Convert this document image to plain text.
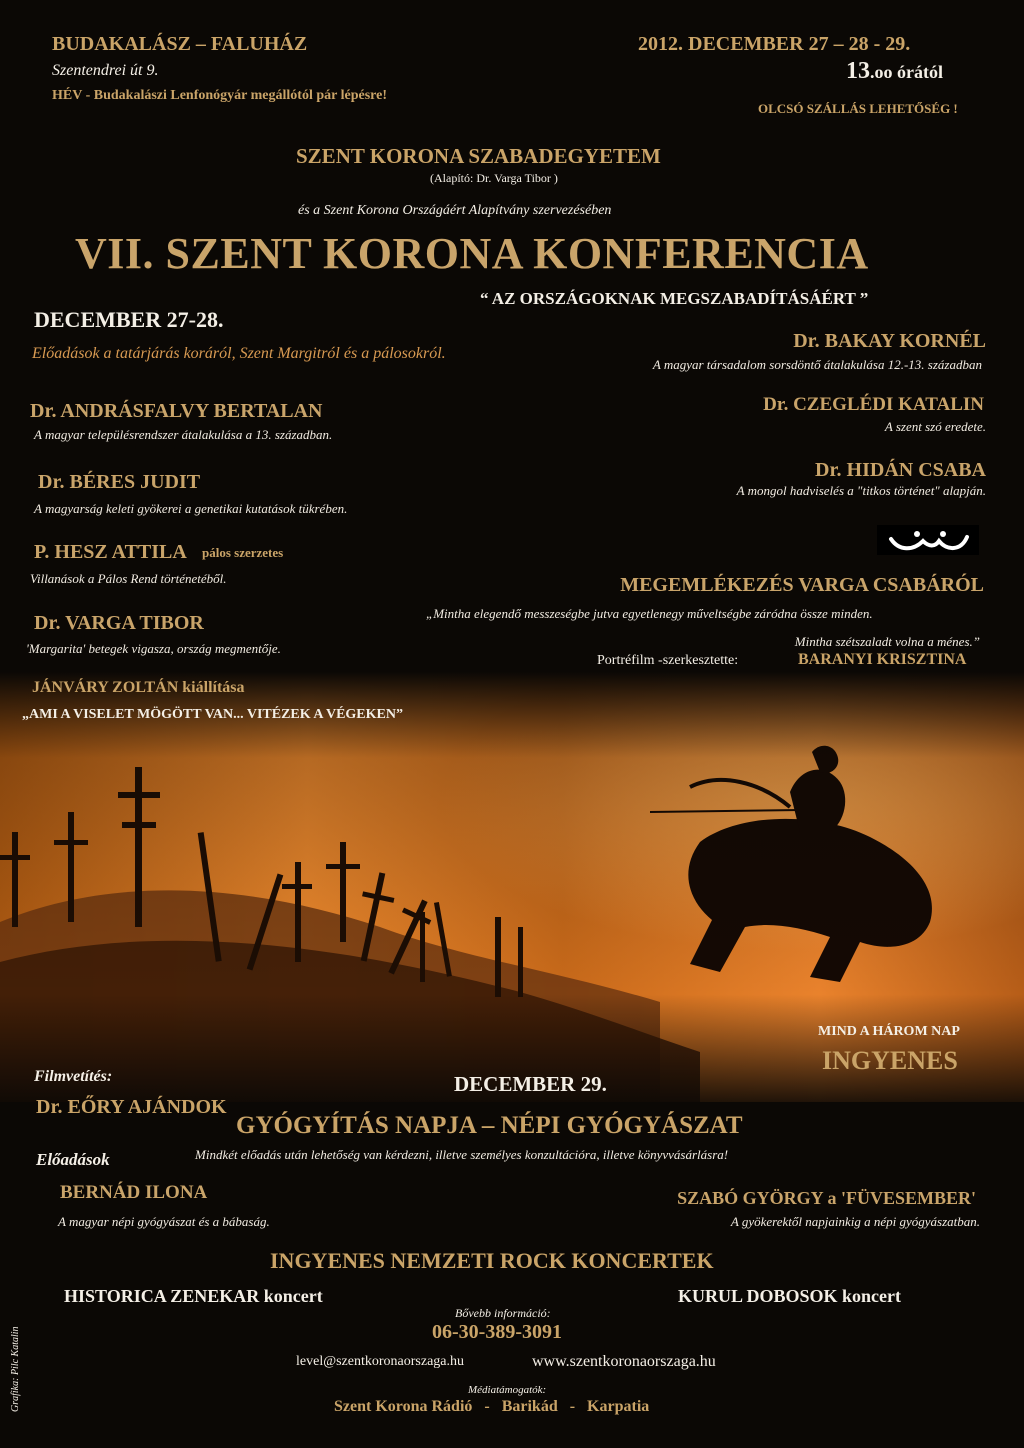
BUDAKALÁSZ – FALUHÁZ
Szentendrei út 9.
HÉV - Budakalászi Lenfonógyár megállótól pár lépésre!
2012. DECEMBER 27 – 28 - 29.
13.oo órától
OLCSÓ SZÁLLÁS LEHETŐSÉG !
SZENT KORONA SZABADEGYETEM
(Alapító: Dr. Varga Tibor )
és a Szent Korona Országáért Alapítvány szervezésében
VII. SZENT KORONA KONFERENCIA
“ AZ ORSZÁGOKNAK MEGSZABADÍTÁSÁÉRT ”
DECEMBER 27-28.
Előadások a tatárjárás koráról, Szent Margitról és a pálosokról.
Dr. ANDRÁSFALVY BERTALAN
A magyar településrendszer átalakulása a 13. században.
Dr. BÉRES JUDIT
A magyarság keleti gyökerei a genetikai kutatások tükrében.
P. HESZ ATTILA pálos szerzetes
Villanások a Pálos Rend történetéből.
Dr. VARGA TIBOR
'Margarita' betegek vigasza, ország megmentője.
Dr. BAKAY KORNÉL
A magyar társadalom sorsdöntő átalakulása 12.-13. században
Dr. CZEGLÉDI KATALIN
A szent szó eredete.
Dr. HIDÁN CSABA
A mongol hadviselés a "titkos történet" alapján.
MEGEMLÉKEZÉS VARGA CSABÁRÓL
„Mintha elegendő messzeségbe jutva egyetlenegy műveltségbe záródna össze minden.
Mintha szétszaladt volna a ménes.”
Portréfilm -szerkesztette:	BARANYI KRISZTINA
JÁNVÁRY ZOLTÁN kiállítása
„AMI A VISELET MÖGÖTT VAN... VITÉZEK A VÉGEKEN”
MIND A HÁROM NAP
INGYENES
Filmvetítés:
Dr. EŐRY AJÁNDOK
DECEMBER 29.
GYÓGYÍTÁS NAPJA – NÉPI GYÓGYÁSZAT
Előadások	Mindkét előadás után lehetőség van kérdezni, illetve személyes konzultációra, illetve könyvvásárlásra!
BERNÁD ILONA
A magyar népi gyógyászat és a bábaság.
SZABÓ GYÖRGY a 'FÜVESEMBER'
A gyökerektől napjainkig a népi gyógyászatban.
INGYENES NEMZETI ROCK KONCERTEK
HISTORICA ZENEKAR koncert	KURUL DOBOSOK koncert
Bővebb információ:
06-30-389-3091
level@szentkoronaorszaga.hu	www.szentkoronaorszaga.hu
Médiatámogatók:
Szent Korona Rádió   -   Barikád   -   Karpatia
Grafika: Pilc Katalin
